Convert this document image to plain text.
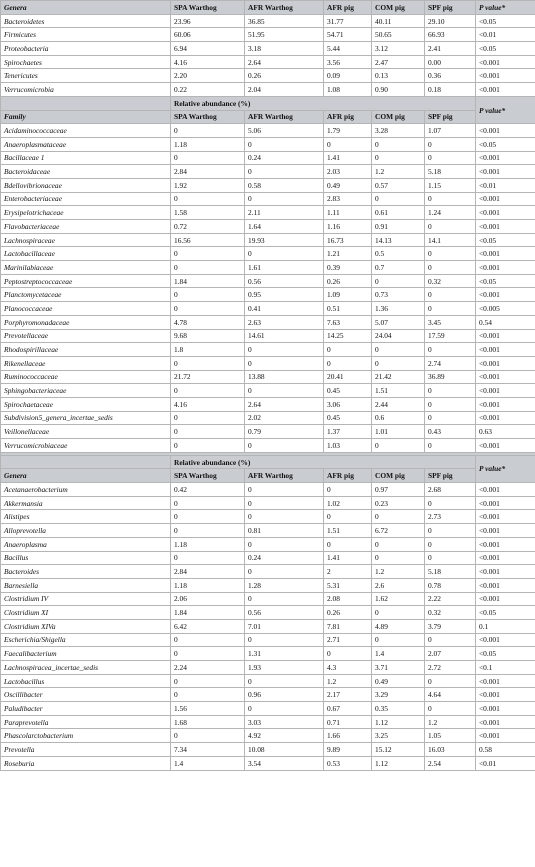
Genera	SPA Warthog	AFR Warthog	AFR pig	COM pig	SPF pig	P value*
Bacteroidetes	23.96	36.85	31.77	40.11	29.10	<0.05
Firmicutes	60.06	51.95	54.71	50.65	66.93	<0.01
Proteobacteria	6.94	3.18	5.44	3.12	2.41	<0.05
Spirochaetes	4.16	2.64	3.56	2.47	0.00	<0.001
Tenericutes	2.20	0.26	0.09	0.13	0.36	<0.001
Verrucomicrobia	0.22	2.04	1.08	0.90	0.18	<0.001
	Relative abundance (%)					P value*
Family	SPA Warthog	AFR Warthog	AFR pig	COM pig	SPF pig	
Acidaminococcaceae	0	5.06	1.79	3.28	1.07	<0.001
Anaeroplasmataceae	1.18	0	0	0	0	<0.05
Bacillaceae 1	0	0.24	1.41	0	0	<0.001
Bacteroidaceae	2.84	0	2.03	1.2	5.18	<0.001
Bdellovibrionaceae	1.92	0.58	0.49	0.57	1.15	<0.01
Enterobacteriaceae	0	0	2.83	0	0	<0.001
Erysipelotrichaceae	1.58	2.11	1.11	0.61	1.24	<0.001
Flavobacteriaceae	0.72	1.64	1.16	0.91	0	<0.001
Lachnospiraceae	16.56	19.93	16.73	14.13	14.1	<0.05
Lactobacillaceae	0	0	1.21	0.5	0	<0.001
Marinilabiaceae	0	1.61	0.39	0.7	0	<0.001
Peptostreptococcaceae	1.84	0.56	0.26	0	0.32	<0.05
Planctomycetaceae	0	0.95	1.09	0.73	0	<0.001
Planococcaceae	0	0.41	0.51	1.36	0	<0.005
Porphyromonadaceae	4.78	2.63	7.63	5.07	3.45	0.54
Prevotellaceae	9.68	14.61	14.25	24.04	17.59	<0.001
Rhodospirillaceae	1.8	0	0	0	0	<0.001
Rikenellaceae	0	0	0	0	2.74	<0.001
Ruminococcaceae	21.72	13.88	20.41	21.42	36.89	<0.001
Sphingobacteriaceae	0	0	0.45	1.51	0	<0.001
Spirochaetaceae	4.16	2.64	3.06	2.44	0	<0.001
Subdivision5_genera_incertae_sedis	0	2.02	0.45	0.6	0	<0.001
Veillonellaceae	0	0.79	1.37	1.01	0.43	0.63
Verrucomicrobiaceae	0	0	1.03	0	0	<0.001

	Relative abundance (%)					P value*
Genera	SPA Warthog	AFR Warthog	AFR pig	COM pig	SPF pig	
Acetanaerobacterium	0.42	0	0	0.97	2.68	<0.001
Akkermansia	0	0	1.02	0.23	0	<0.001
Alistipes	0	0	0	0	2.73	<0.001
Alloprevotella	0	0.81	1.51	6.72	0	<0.001
Anaeroplasma	1.18	0	0	0	0	<0.001
Bacillus	0	0.24	1.41	0	0	<0.001
Bacteroides	2.84	0	2	1.2	5.18	<0.001
Barnesiella	1.18	1.28	5.31	2.6	0.78	<0.001
Clostridium IV	2.06	0	2.08	1.62	2.22	<0.001
Clostridium XI	1.84	0.56	0.26	0	0.32	<0.05
Clostridium XIVa	6.42	7.01	7.81	4.89	3.79	0.1
Escherichia/Shigella	0	0	2.71	0	0	<0.001
Faecalibacterium	0	1.31	0	1.4	2.07	<0.05
Lachnospiracea_incertae_sedis	2.24	1.93	4.3	3.71	2.72	<0.1
Lactobacillus	0	0	1.2	0.49	0	<0.001
Oscillibacter	0	0.96	2.17	3.29	4.64	<0.001
Paludibacter	1.56	0	0.67	0.35	0	<0.001
Paraprevotella	1.68	3.03	0.71	1.12	1.2	<0.001
Phascolarctobacterium	0	4.92	1.66	3.25	1.05	<0.001
Prevotella	7.34	10.08	9.89	15.12	16.03	0.58
Roseburia	1.4	3.54	0.53	1.12	2.54	<0.01
